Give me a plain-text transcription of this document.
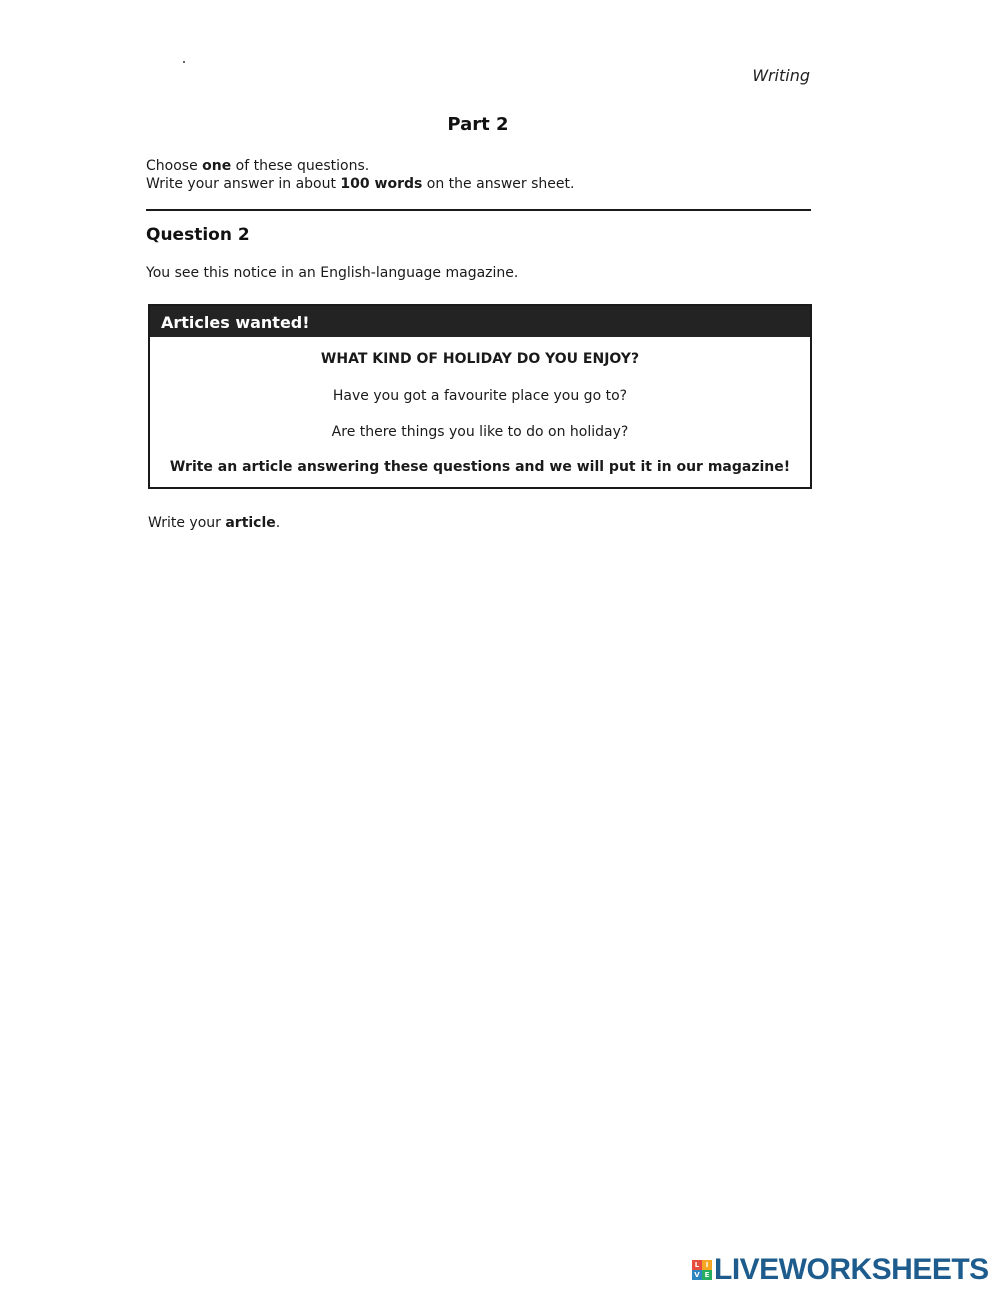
Writing
Part 2
Choose one of these questions.
Write your answer in about 100 words on the answer sheet.
Question 2
You see this notice in an English-language magazine.
Articles wanted!
WHAT KIND OF HOLIDAY DO YOU ENJOY?
Have you got a favourite place you go to?
Are there things you like to do on holiday?
Write an article answering these questions and we will put it in our magazine!
Write your article.
L I
V E LIVEWORKSHEETS
